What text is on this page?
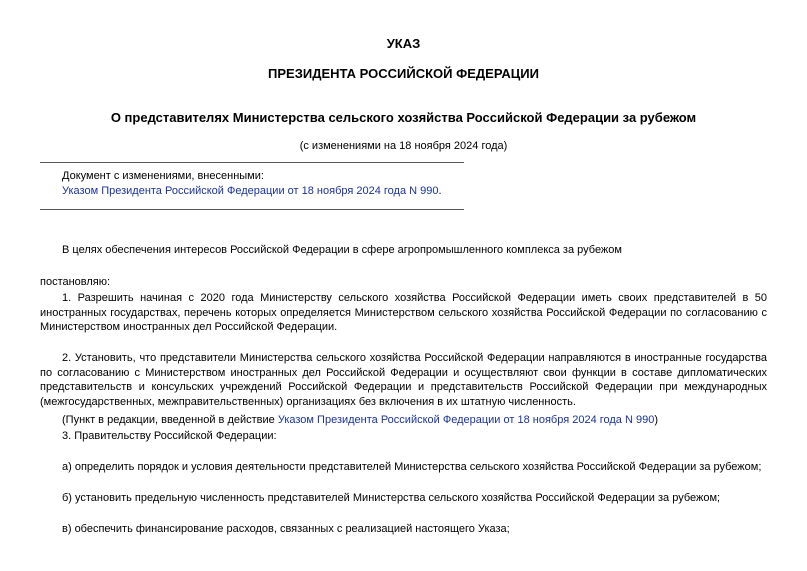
УКАЗ
ПРЕЗИДЕНТА РОССИЙСКОЙ ФЕДЕРАЦИИ
О представителях Министерства сельского хозяйства Российской Федерации за рубежом
(с изменениями на 18 ноября 2024 года)
Документ с изменениями, внесенными:
Указом Президента Российской Федерации от 18 ноября 2024 года N 990.
В целях обеспечения интересов Российской Федерации в сфере агропромышленного комплекса за рубежом
постановляю:
1. Разрешить начиная с 2020 года Министерству сельского хозяйства Российской Федерации иметь своих представителей в 50 иностранных государствах, перечень которых определяется Министерством сельского хозяйства Российской Федерации по согласованию с Министерством иностранных дел Российской Федерации.
2. Установить, что представители Министерства сельского хозяйства Российской Федерации направляются в иностранные государства по согласованию с Министерством иностранных дел Российской Федерации и осуществляют свои функции в составе дипломатических представительств и консульских учреждений Российской Федерации и представительств Российской Федерации при международных (межгосударственных, межправительственных) организациях без включения в их штатную численность.
(Пункт в редакции, введенной в действие Указом Президента Российской Федерации от 18 ноября 2024 года N 990)
3. Правительству Российской Федерации:
а) определить порядок и условия деятельности представителей Министерства сельского хозяйства Российской Федерации за рубежом;
б) установить предельную численность представителей Министерства сельского хозяйства Российской Федерации за рубежом;
в) обеспечить финансирование расходов, связанных с реализацией настоящего Указа;
